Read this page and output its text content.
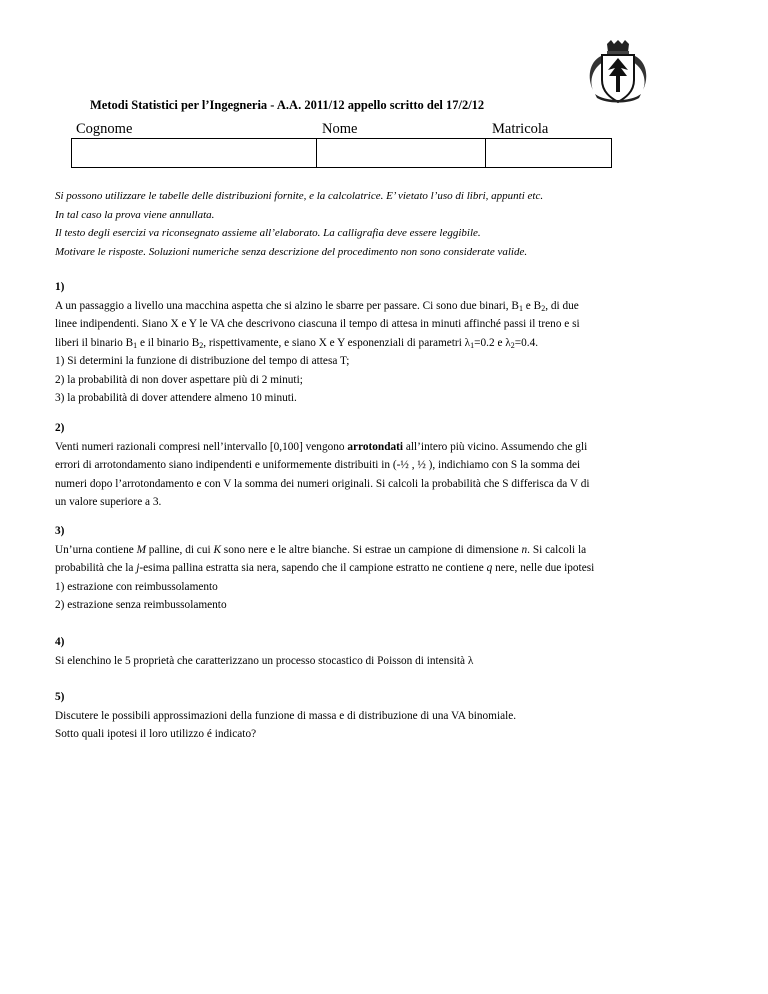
Metodi Statistici per l’Ingegneria - A.A. 2011/12 appello scritto del 17/2/12
Cognome	Nome	Matricola
Si possono utilizzare le tabelle delle distribuzioni fornite, e la calcolatrice. E’ vietato l’uso di libri, appunti etc.
In tal caso la prova viene annullata.
Il testo degli esercizi va riconsegnato assieme all’elaborato. La calligrafia deve essere leggibile.
Motivare le risposte. Soluzioni numeriche senza descrizione del procedimento non sono considerate valide.

1)

A un passaggio a livello una macchina aspetta che si alzino le sbarre per passare. Ci sono due binari, $B_1$ e $B_2$, di due

linee indipendenti. Siano X e Y le VA che descrivono ciascuna il tempo di attesa in minuti affinché passi il treno e si

liberi il binario $B_1$ e il binario $B_2$, rispettivamente, e siano X e Y esponenziali di parametri $\lambda_1=0.2$ e $\lambda_2=0.4$.

1) Si determini la funzione di distribuzione del tempo di attesa T;

2) la probabilità di non dover aspettare più di 2 minuti;

3) la probabilità di dover attendere almeno 10 minuti.

2)

Venti numeri razionali compresi nell’intervallo [0,100] vengono arrotondati all’intero più vicino. Assumendo che gli

errori di arrotondamento siano indipendenti e uniformemente distribuiti in (-½ , ½ ), indichiamo con S la somma dei

numeri dopo l’arrotondamento e con V la somma dei numeri originali. Si calcoli la probabilità che S differisca da V di

un valore superiore a 3.

3)

Un’urna contiene M palline, di cui K sono nere e le altre bianche. Si estrae un campione di dimensione n. Si calcoli la

probabilità che la j-esima pallina estratta sia nera, sapendo che il campione estratto ne contiene q nere, nelle due ipotesi

1) estrazione con reimbussolamento

2) estrazione senza reimbussolamento

4)

Si elenchino le 5 proprietà che caratterizzano un processo stocastico di Poisson di intensità λ

5)

Discutere le possibili approssimazioni della funzione di massa e di distribuzione di una VA binomiale.

Sotto quali ipotesi il loro utilizzo é indicato?
